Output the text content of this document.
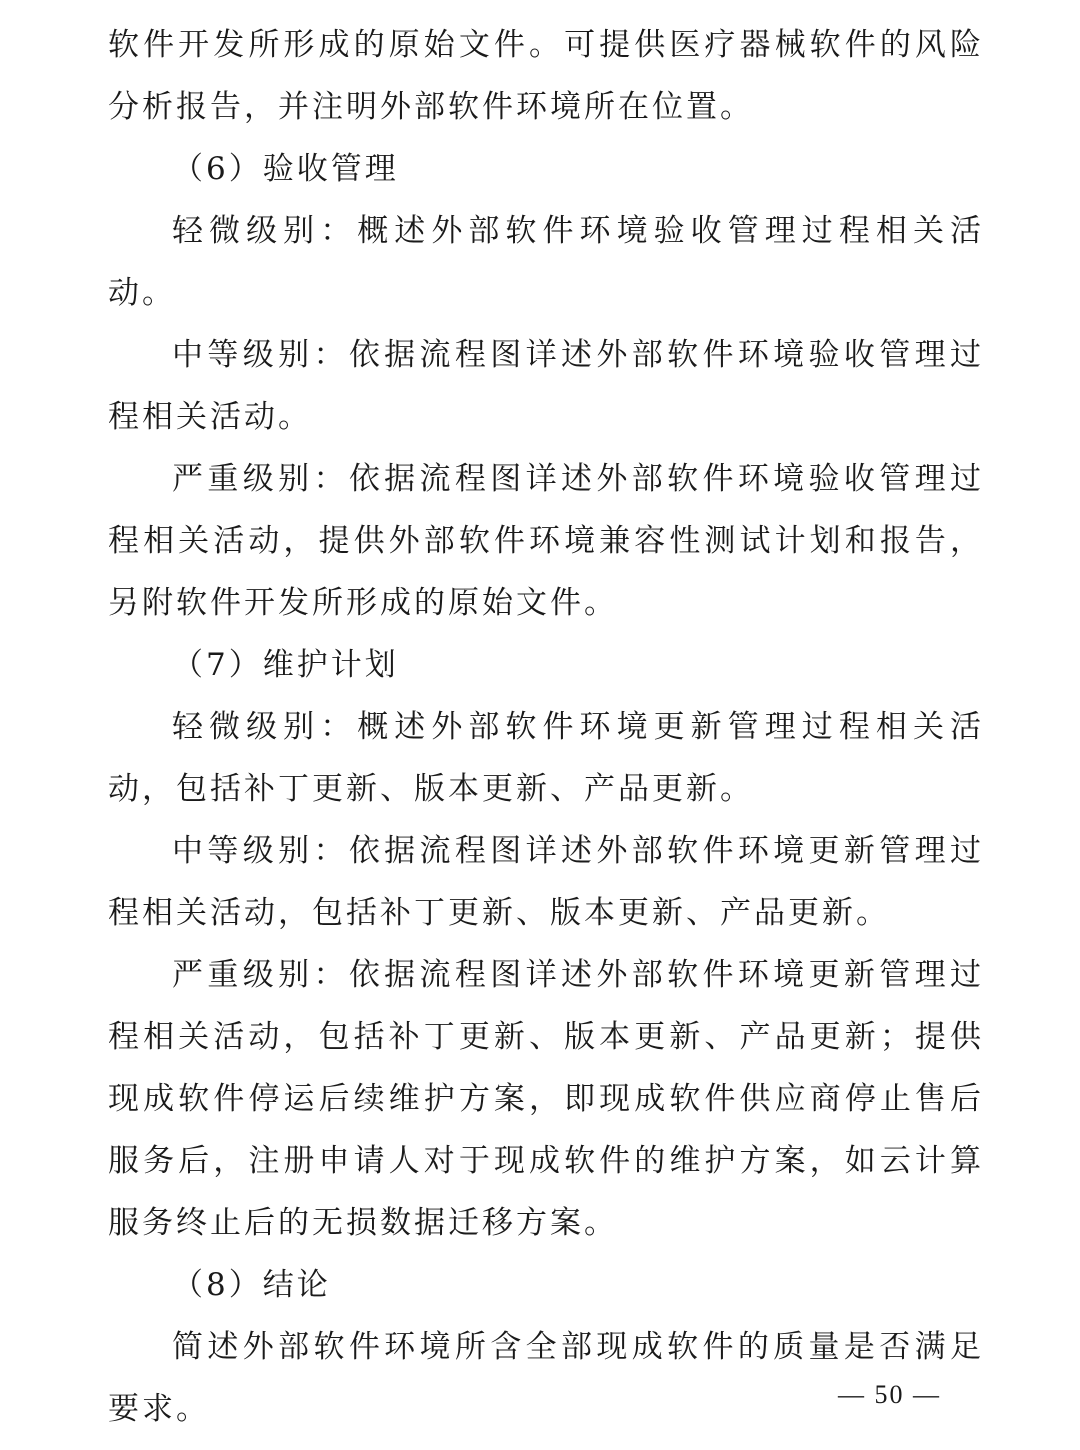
软件开发所形成的原始文件。可提供医疗器械软件的风险分析报告，并注明外部软件环境所在位置。

（6）验收管理

轻微级别：概述外部软件环境验收管理过程相关活动。

中等级别：依据流程图详述外部软件环境验收管理过程相关活动。

严重级别：依据流程图详述外部软件环境验收管理过程相关活动，提供外部软件环境兼容性测试计划和报告，另附软件开发所形成的原始文件。

（7）维护计划

轻微级别：概述外部软件环境更新管理过程相关活动，包括补丁更新、版本更新、产品更新。

中等级别：依据流程图详述外部软件环境更新管理过程相关活动，包括补丁更新、版本更新、产品更新。

严重级别：依据流程图详述外部软件环境更新管理过程相关活动，包括补丁更新、版本更新、产品更新；提供现成软件停运后续维护方案，即现成软件供应商停止售后服务后，注册申请人对于现成软件的维护方案，如云计算服务终止后的无损数据迁移方案。

（8）结论

简述外部软件环境所含全部现成软件的质量是否满足要求。	— 50 —
